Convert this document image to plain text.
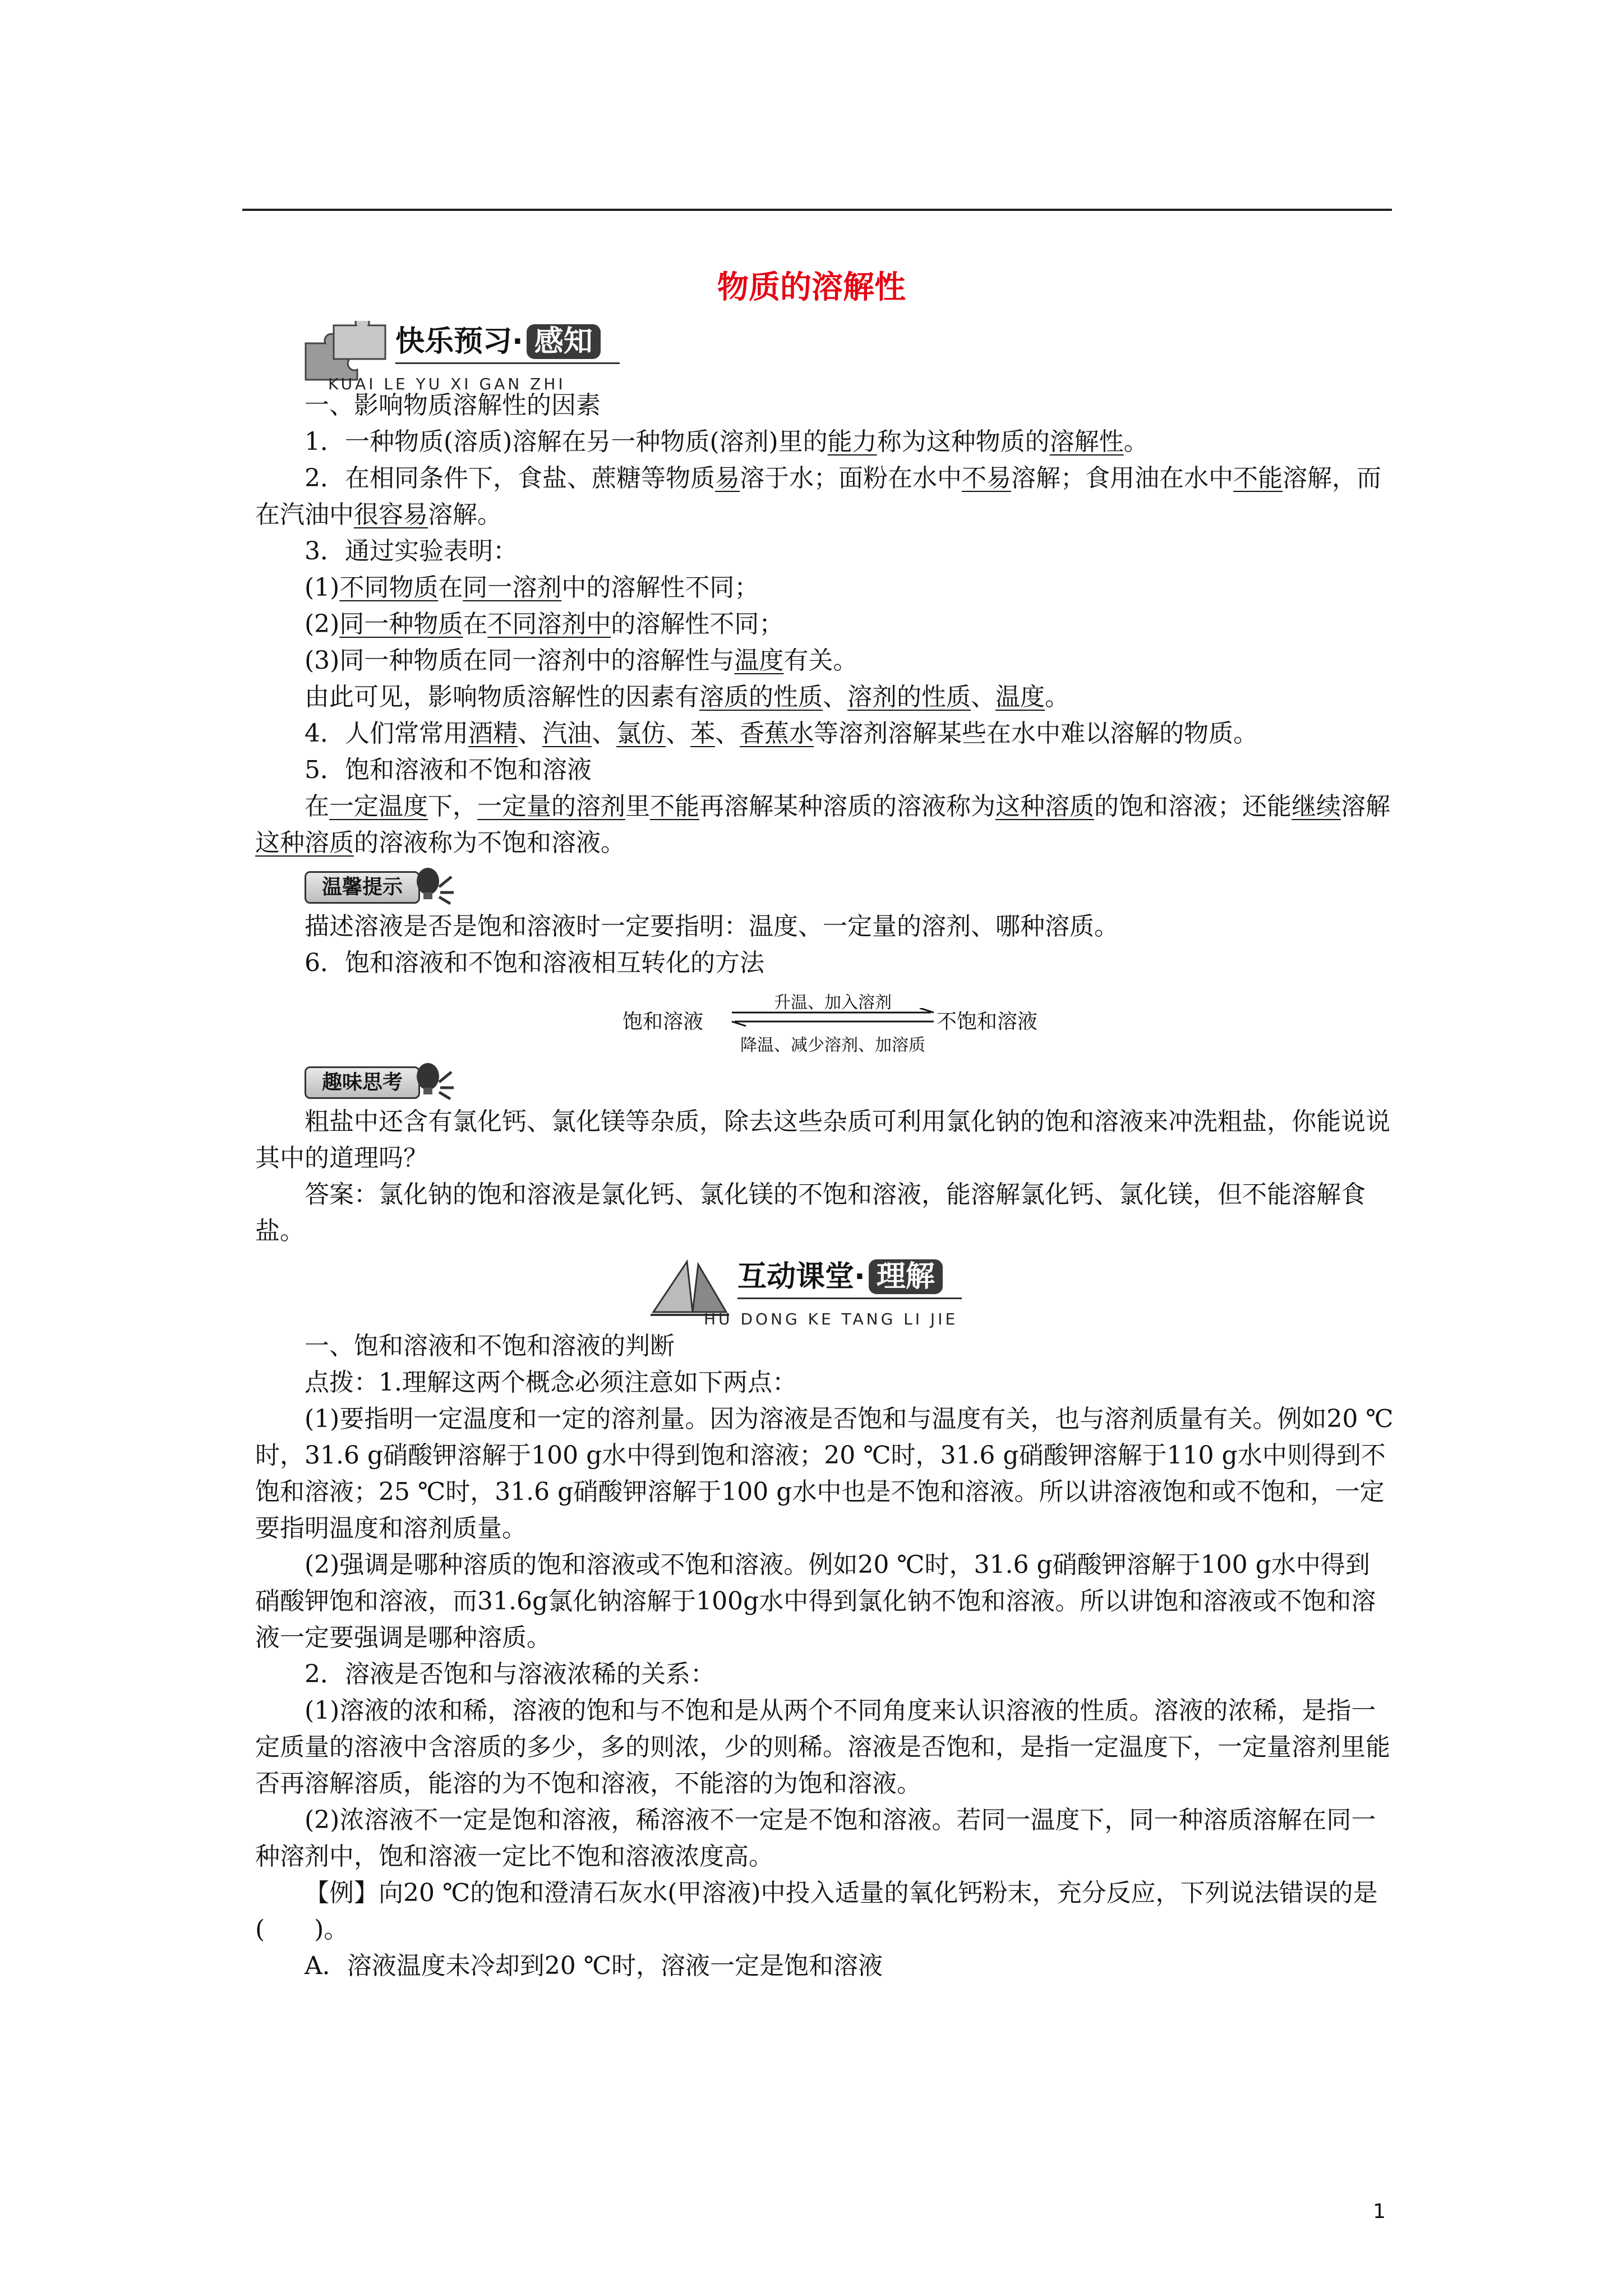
物质的溶解性
快乐预习· 感知
KUAI LE YU XI GAN ZHI

一、影响物质溶解性的因素

1．一种物质(溶质)溶解在另一种物质(溶剂)里的能力称为这种物质的溶解性。

2．在相同条件下，食盐、蔗糖等物质易溶于水；面粉在水中不易溶解；食用油在水中不能溶解，而在汽油中很容易溶解。

3．通过实验表明：

(1)不同物质在同一溶剂中的溶解性不同；

(2)同一种物质在不同溶剂中的溶解性不同；

(3)同一种物质在同一溶剂中的溶解性与温度有关。

由此可见，影响物质溶解性的因素有溶质的性质、溶剂的性质、温度。

4．人们常常用酒精、汽油、氯仿、苯、香蕉水等溶剂溶解某些在水中难以溶解的物质。

5．饱和溶液和不饱和溶液

在一定温度下，一定量的溶剂里不能再溶解某种溶质的溶液称为这种溶质的饱和溶液；还能继续溶解这种溶质的溶液称为不饱和溶液。

温馨提示

描述溶液是否是饱和溶液时一定要指明：温度、一定量的溶剂、哪种溶质。

6．饱和溶液和不饱和溶液相互转化的方法

饱和溶液
升温、加入溶剂
降温、减少溶剂、加溶质
不饱和溶液
趣味思考

粗盐中还含有氯化钙、氯化镁等杂质，除去这些杂质可利用氯化钠的饱和溶液来冲洗粗盐，你能说说其中的道理吗？

答案：氯化钠的饱和溶液是氯化钙、氯化镁的不饱和溶液，能溶解氯化钙、氯化镁，但不能溶解食盐。

互动课堂· 理解
HU DONG KE TANG LI JIE

一、饱和溶液和不饱和溶液的判断

点拨：1.理解这两个概念必须注意如下两点：

(1)要指明一定温度和一定的溶剂量。因为溶液是否饱和与温度有关，也与溶剂质量有关。例如20 ℃时，31.6 g硝酸钾溶解于100 g水中得到饱和溶液；20 ℃时，31.6 g硝酸钾溶解于110 g水中则得到不饱和溶液；25 ℃时，31.6 g硝酸钾溶解于100 g水中也是不饱和溶液。所以讲溶液饱和或不饱和，一定要指明温度和溶剂质量。

(2)强调是哪种溶质的饱和溶液或不饱和溶液。例如20 ℃时，31.6 g硝酸钾溶解于100 g水中得到硝酸钾饱和溶液，而31.6g氯化钠溶解于100g水中得到氯化钠不饱和溶液。所以讲饱和溶液或不饱和溶液一定要强调是哪种溶质。

2．溶液是否饱和与溶液浓稀的关系：

(1)溶液的浓和稀，溶液的饱和与不饱和是从两个不同角度来认识溶液的性质。溶液的浓稀，是指一定质量的溶液中含溶质的多少，多的则浓，少的则稀。溶液是否饱和，是指一定温度下，一定量溶剂里能否再溶解溶质，能溶的为不饱和溶液，不能溶的为饱和溶液。

(2)浓溶液不一定是饱和溶液，稀溶液不一定是不饱和溶液。若同一温度下，同一种溶质溶解在同一种溶剂中，饱和溶液一定比不饱和溶液浓度高。

【例】向20 ℃的饱和澄清石灰水(甲溶液)中投入适量的氧化钙粉末，充分反应，下列说法错误的是(　　)。

A．溶液温度未冷却到20 ℃时，溶液一定是饱和溶液

1
